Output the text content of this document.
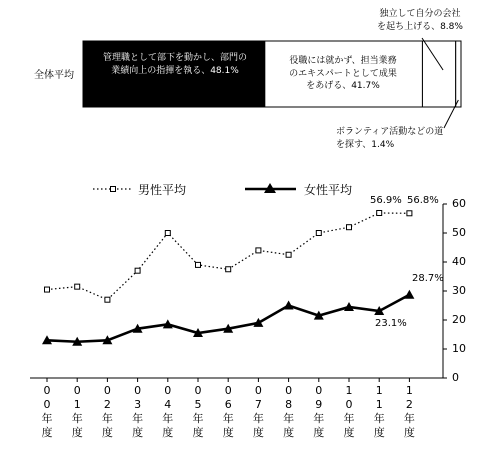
全体平均
管理職として部下を動かし、部門の業績向上の指揮を執る、48.1%
役職には就かず、担当業務のエキスパートとして成果をあげる、41.7%
独立して自分の会社を起ち上げる、8.8%
ボランティア活動などの道を探す、1.4%
男性平均	女性平均
56.9% 56.8%
23.1%
28.7%
0
10
20
30
40
50
60
0
0
年
度
0
1
年
度
0
2
年
度
0
3
年
度
0
4
年
度
0
5
年
度
0
6
年
度
0
7
年
度
0
8
年
度
0
9
年
度
1
0
年
度
1
1
年
度
1
2
年
度
